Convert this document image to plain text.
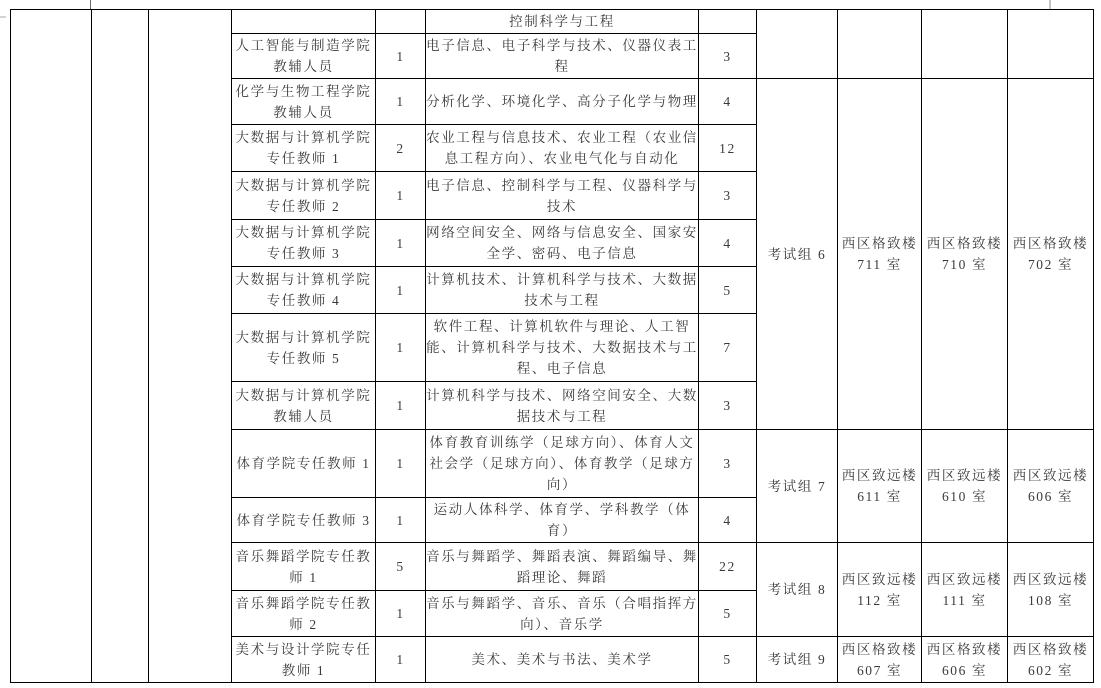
					控制科学与工程					
			人工智能与制造学院教辅人员	1	电子信息、电子科学与技术、仪器仪表工程	3				
			化学与生物工程学院教辅人员	1	分析化学、环境化学、高分子化学与物理	4	考试组 6	西区格致楼 711 室	西区格致楼 710 室	西区格致楼 702 室
			大数据与计算机学院专任教师 1	2	农业工程与信息技术、农业工程（农业信息工程方向）、农业电气化与自动化	12				
			大数据与计算机学院专任教师 2	1	电子信息、控制科学与工程、仪器科学与技术	3				
			大数据与计算机学院专任教师 3	1	网络空间安全、网络与信息安全、国家安全学、密码、电子信息	4				
			大数据与计算机学院专任教师 4	1	计算机技术、计算机科学与技术、大数据技术与工程	5				
			大数据与计算机学院专任教师 5	1	软件工程、计算机软件与理论、人工智能、计算机科学与技术、大数据技术与工程、电子信息	7				
			大数据与计算机学院教辅人员	1	计算机科学与技术、网络空间安全、大数据技术与工程	3				
			体育学院专任教师 1	1	体育教育训练学（足球方向）、体育人文社会学（足球方向）、体育教学（足球方向）	3	考试组 7	西区致远楼 611 室	西区致远楼 610 室	西区致远楼 606 室
			体育学院专任教师 3	1	运动人体科学、体育学、学科教学（体育）	4				
			音乐舞蹈学院专任教师 1	5	音乐与舞蹈学、舞蹈表演、舞蹈编导、舞蹈理论、舞蹈	22	考试组 8	西区致远楼 112 室	西区致远楼 111 室	西区致远楼 108 室
			音乐舞蹈学院专任教师 2	1	音乐与舞蹈学、音乐、音乐（合唱指挥方向）、音乐学	5				
			美术与设计学院专任教师 1	1	美术、美术与书法、美术学	5	考试组 9	西区格致楼 607 室	西区格致楼 606 室	西区格致楼 602 室
